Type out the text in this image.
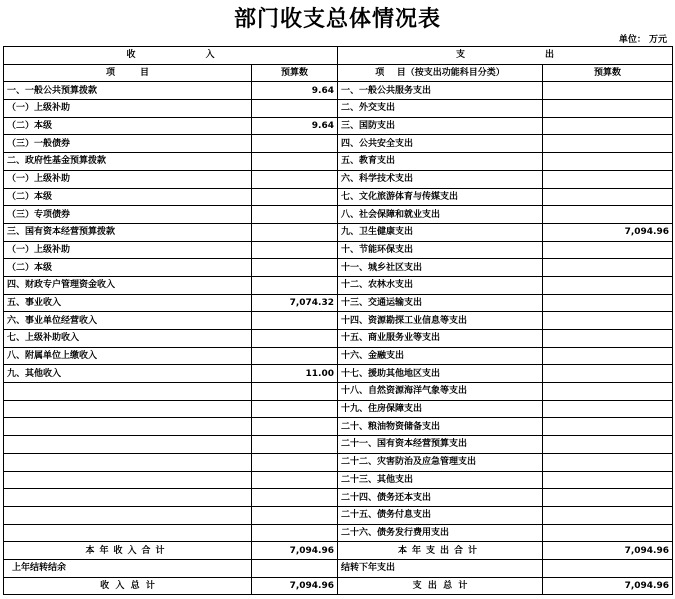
部门收支总体情况表
单位： 万元
收 入		支 出	
项        目	预算数	项    目（按支出功能科目分类）	预算数
一、一般公共预算拨款	9.64	一、一般公共服务支出	
（一）上级补助		二、外交支出	
（二）本级	9.64	三、国防支出	
（三）一般债券		四、公共安全支出	
二、政府性基金预算拨款		五、教育支出	
（一）上级补助		六、科学技术支出	
（二）本级		七、文化旅游体育与传媒支出	
（三）专项债券		八、社会保障和就业支出	
三、国有资本经营预算拨款		九、卫生健康支出	7,094.96
（一）上级补助		十、节能环保支出	
（二）本级		十一、城乡社区支出	
四、财政专户管理资金收入		十二、农林水支出	
五、事业收入	7,074.32	十三、交通运输支出	
六、事业单位经营收入		十四、资源勘探工业信息等支出	
七、上级补助收入		十五、商业服务业等支出	
八、附属单位上缴收入		十六、金融支出	
九、其他收入	11.00	十七、援助其他地区支出	
		十八、自然资源海洋气象等支出	
		十九、住房保障支出	
		二十、粮油物资储备支出	
		二十一、国有资本经营预算支出	
		二十二、灾害防治及应急管理支出	
		二十三、其他支出	
		二十四、债务还本支出	
		二十五、债务付息支出	
		二十六、债务发行费用支出	
本年收入合计	7,094.96	本年支出合计	7,094.96
上年结转结余		结转下年支出	
收  入  总  计	7,094.96	支  出  总  计	7,094.96
